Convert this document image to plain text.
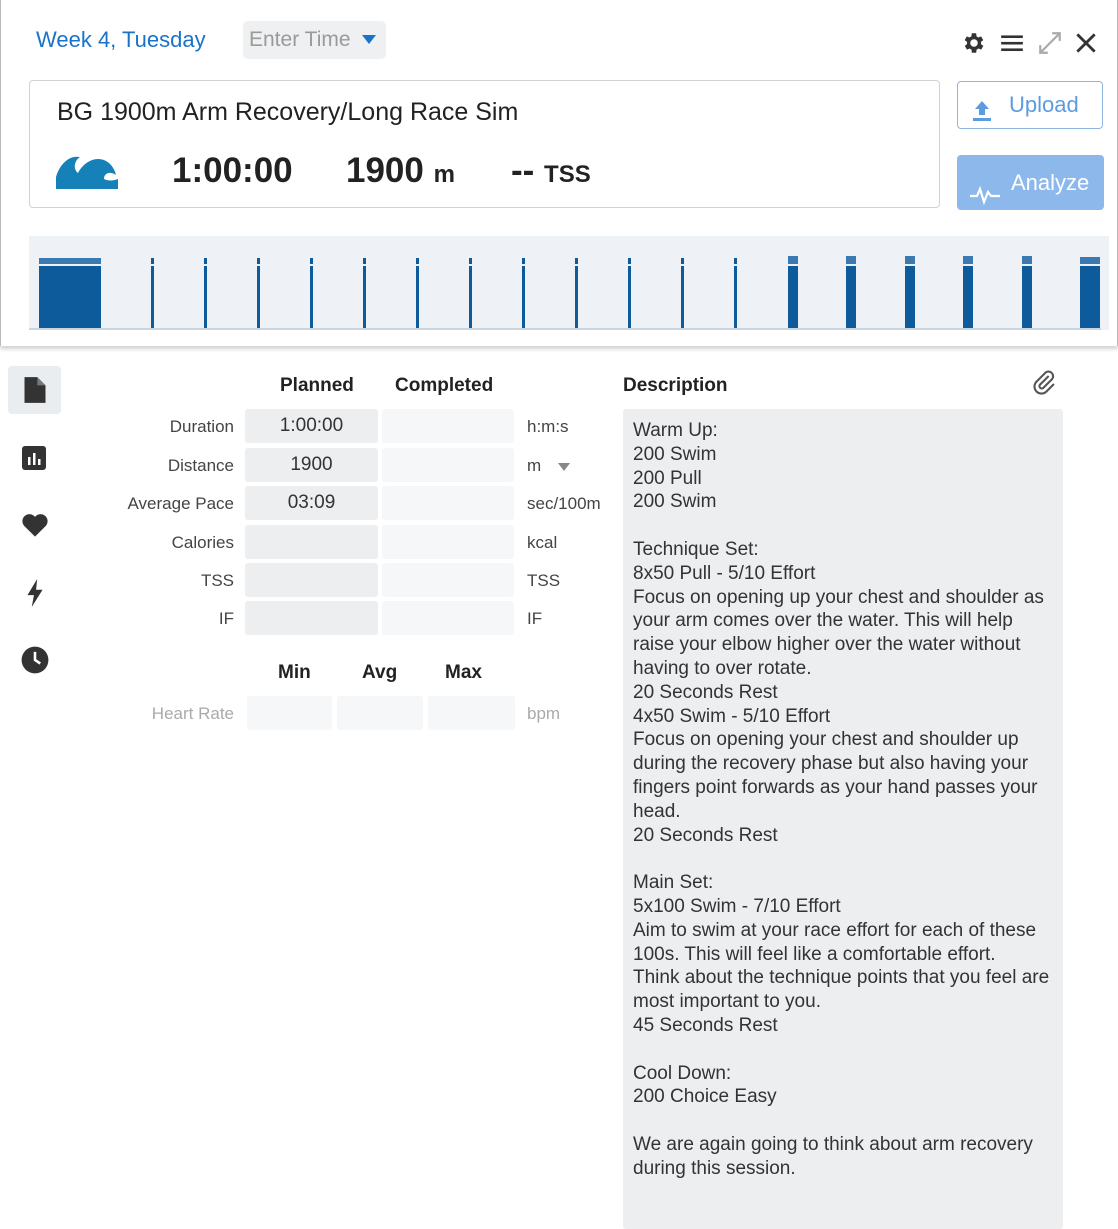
Week 4, Tuesday Enter Time
BG 1900m Arm Recovery/Long Race Sim
1:00:00 1900 m -- TSS
Upload
Analyze
Planned Completed
Duration	1:00:00	h:m:s
Distance	1900	m
Average Pace	03:09	sec/100m
Calories	kcal
TSS	TSS
IF	IF
Min	Avg	Max
Heart Rate	bpm
Description
Warm Up:
200 Swim
200 Pull
200 Swim

Technique Set:
8x50 Pull - 5/10 Effort
Focus on opening up your chest and shoulder as your arm comes over the water. This will help raise your elbow higher over the water without having to over rotate.
20 Seconds Rest
4x50 Swim - 5/10 Effort
Focus on opening your chest and shoulder up during the recovery phase but also having your fingers point forwards as your hand passes your head.
20 Seconds Rest

Main Set:
5x100 Swim - 7/10 Effort
Aim to swim at your race effort for each of these 100s. This will feel like a comfortable effort.
Think about the technique points that you feel are most important to you.
45 Seconds Rest

Cool Down:
200 Choice Easy

We are again going to think about arm recovery during this session.
